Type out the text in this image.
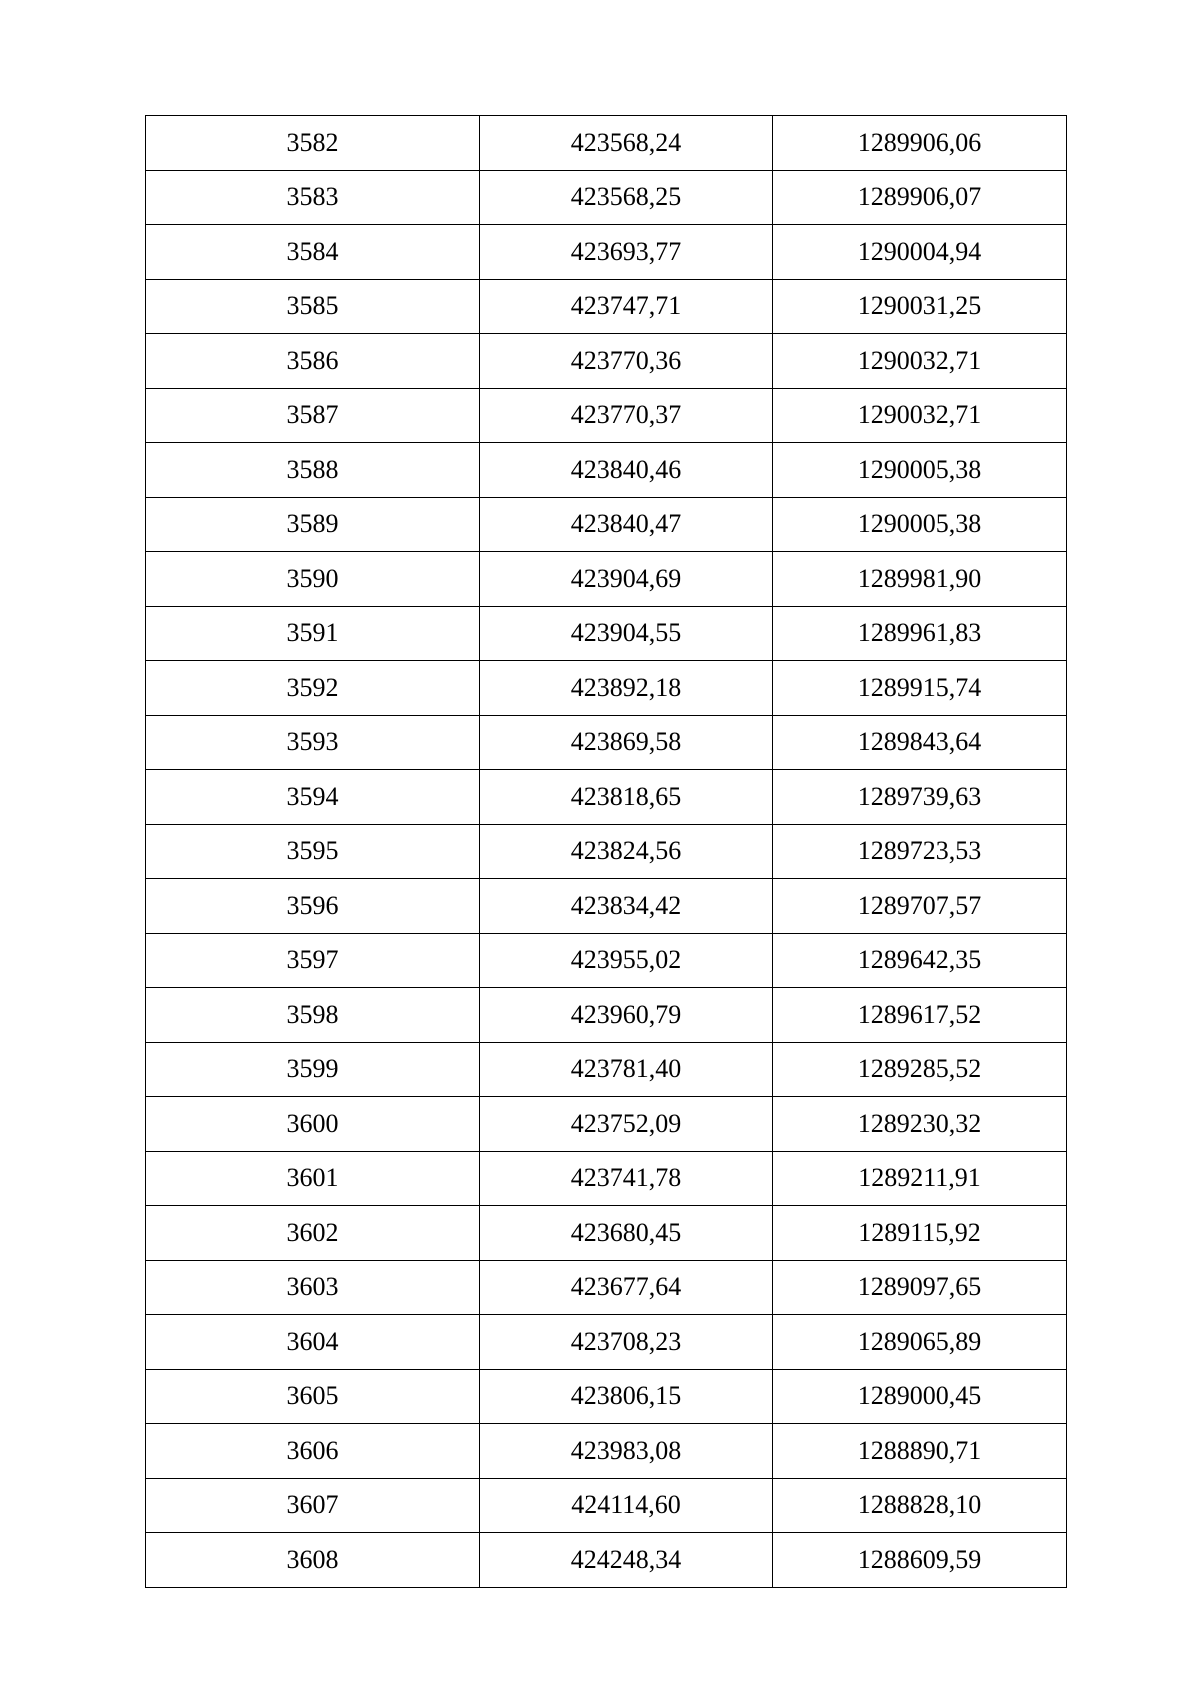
3582	423568,24	1289906,06
3583	423568,25	1289906,07
3584	423693,77	1290004,94
3585	423747,71	1290031,25
3586	423770,36	1290032,71
3587	423770,37	1290032,71
3588	423840,46	1290005,38
3589	423840,47	1290005,38
3590	423904,69	1289981,90
3591	423904,55	1289961,83
3592	423892,18	1289915,74
3593	423869,58	1289843,64
3594	423818,65	1289739,63
3595	423824,56	1289723,53
3596	423834,42	1289707,57
3597	423955,02	1289642,35
3598	423960,79	1289617,52
3599	423781,40	1289285,52
3600	423752,09	1289230,32
3601	423741,78	1289211,91
3602	423680,45	1289115,92
3603	423677,64	1289097,65
3604	423708,23	1289065,89
3605	423806,15	1289000,45
3606	423983,08	1288890,71
3607	424114,60	1288828,10
3608	424248,34	1288609,59
